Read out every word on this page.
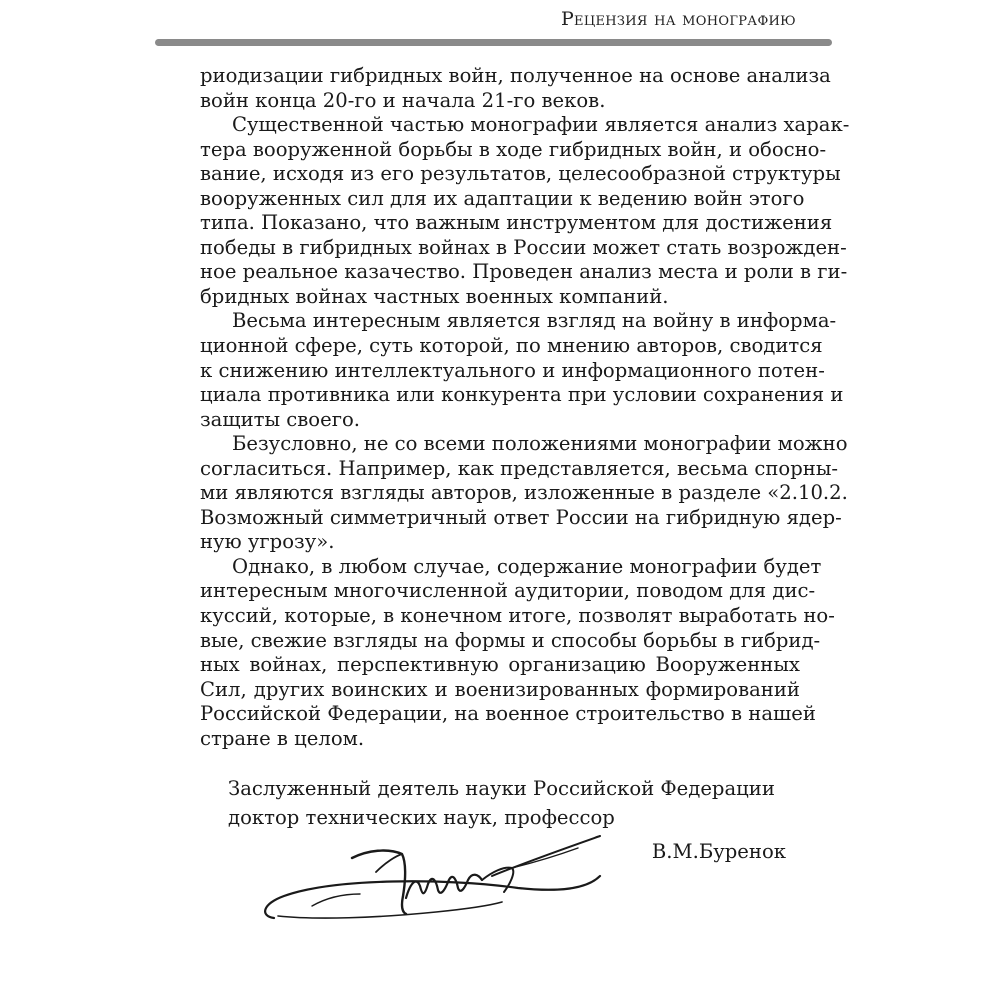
Рецензия на монографию
риодизации гибридных войн, полученное на основе анализа
войн конца 20-го и начала 21-го веков.
Существенной частью монографии является анализ харак-
тера вооруженной борьбы в ходе гибридных войн, и обосно-
вание, исходя из его результатов, целесообразной структуры
вооруженных сил для их адаптации к ведению войн этого
типа. Показано, что важным инструментом для достижения
победы в гибридных войнах в России может стать возрожден-
ное реальное казачество. Проведен анализ места и роли в ги-
бридных войнах частных военных компаний.
Весьма интересным является взгляд на войну в информа-
ционной сфере, суть которой, по мнению авторов, сводится
к снижению интеллектуального и информационного потен-
циала противника или конкурента при условии сохранения и
защиты своего.
Безусловно, не со всеми положениями монографии можно
согласиться. Например, как представляется, весьма спорны-
ми являются взгляды авторов, изложенные в разделе «2.10.2.
Возможный симметричный ответ России на гибридную ядер-
ную угрозу».
Однако, в любом случае, содержание монографии будет
интересным многочисленной аудитории, поводом для дис-
куссий, которые, в конечном итоге, позволят выработать но-
вые, свежие взгляды на формы и способы борьбы в гибрид-
ных войнах, перспективную организацию Вооруженных
Сил, других воинских и военизированных формирований
Российской Федерации, на военное строительство в нашей
стране в целом.
Заслуженный деятель науки Российской Федерации
доктор технических наук, профессор
В.М.Буренок
